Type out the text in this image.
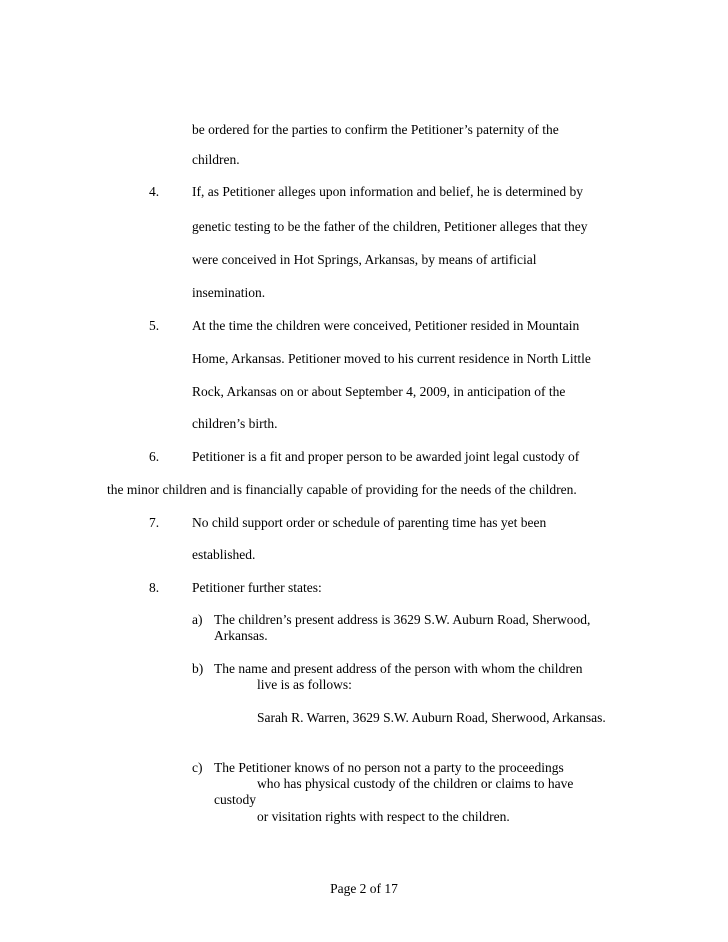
be ordered for the parties to confirm the Petitioner’s paternity of the
children.
4. If, as Petitioner alleges upon information and belief, he is determined by
genetic testing to be the father of the children, Petitioner alleges that they
were conceived in Hot Springs, Arkansas, by means of artificial
insemination.
5. At the time the children were conceived, Petitioner resided in Mountain
Home, Arkansas. Petitioner moved to his current residence in North Little
Rock, Arkansas on or about September 4, 2009, in anticipation of the
children’s birth.
6. Petitioner is a fit and proper person to be awarded joint legal custody of
the minor children and is financially capable of providing for the needs of the children.
7. No child support order or schedule of parenting time has yet been
established.
8. Petitioner further states:
a) The children’s present address is 3629 S.W. Auburn Road, Sherwood,
Arkansas.
b) The name and present address of the person with whom the children
live is as follows:
Sarah R. Warren, 3629 S.W. Auburn Road, Sherwood, Arkansas.
c) The Petitioner knows of no person not a party to the proceedings
who has physical custody of the children or claims to have
custody
or visitation rights with respect to the children.
Page 2 of 17
